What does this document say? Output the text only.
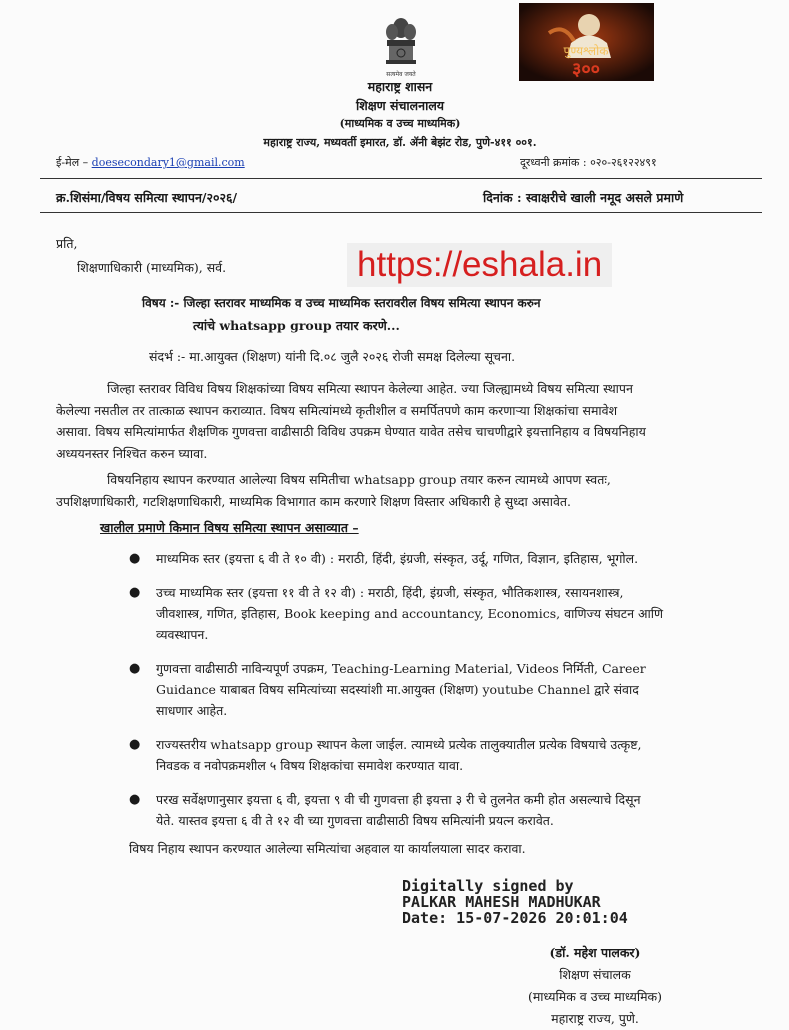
सत्यमेव जयते
पुण्यश्लोक
३००
महाराष्ट्र शासन
शिक्षण संचालनालय
(माध्यमिक व उच्च माध्यमिक)
महाराष्ट्र राज्य, मध्यवर्ती इमारत, डॉ. ॲनी बेझंट रोड, पुणे-४११ ००१.
ई-मेल – doesecondary1@gmail.com	दूरध्वनी क्रमांक : ०२०-२६१२२४९१
क्र.शिसंमा/विषय समित्या स्थापन/२०२६/	दिनांक : स्वाक्षरीचे खाली नमूद असले प्रमाणे
प्रति,
शिक्षणाधिकारी (माध्यमिक), सर्व.	https://eshala.in
विषय :- जिल्हा स्तरावर माध्यमिक व उच्च माध्यमिक स्तरावरील विषय समित्या स्थापन करुन
त्यांचे whatsapp group तयार करणे...
संदर्भ :- मा.आयुक्त (शिक्षण) यांनी दि.०८ जुलै २०२६ रोजी समक्ष दिलेल्या सूचना.
जिल्हा स्तरावर विविध विषय शिक्षकांच्या विषय समित्या स्थापन केलेल्या आहेत. ज्या जिल्ह्यामध्ये विषय समित्या स्थापन
केलेल्या नसतील तर तात्काळ स्थापन कराव्यात. विषय समित्यांमध्ये कृतीशील व समर्पितपणे काम करणाऱ्या शिक्षकांचा समावेश
असावा. विषय समित्यांमार्फत शैक्षणिक गुणवत्ता वाढीसाठी विविध उपक्रम घेण्यात यावेत तसेच चाचणीद्वारे इयत्तानिहाय व विषयनिहाय
अध्ययनस्तर निश्चित करुन घ्यावा.
विषयनिहाय स्थापन करण्यात आलेल्या विषय समितीचा whatsapp group तयार करुन त्यामध्ये आपण स्वतः,
उपशिक्षणाधिकारी, गटशिक्षणाधिकारी, माध्यमिक विभागात काम करणारे शिक्षण विस्तार अधिकारी हे सुध्दा असावेत.
खालील प्रमाणे किमान विषय समित्या स्थापन असाव्यात –
● माध्यमिक स्तर (इयत्ता ६ वी ते १० वी) : मराठी, हिंदी, इंग्रजी, संस्कृत, उर्दू, गणित, विज्ञान, इतिहास, भूगोल.
● उच्च माध्यमिक स्तर (इयत्ता ११ वी ते १२ वी) : मराठी, हिंदी, इंग्रजी, संस्कृत, भौतिकशास्त्र, रसायनशास्त्र,
जीवशास्त्र, गणित, इतिहास, Book keeping and accountancy, Economics, वाणिज्य संघटन आणि
व्यवस्थापन.
● गुणवत्ता वाढीसाठी नाविन्यपूर्ण उपक्रम, Teaching-Learning Material, Videos निर्मिती, Career
Guidance याबाबत विषय समित्यांच्या सदस्यांशी मा.आयुक्त (शिक्षण) youtube Channel द्वारे संवाद
साधणार आहेत.
● राज्यस्तरीय whatsapp group स्थापन केला जाईल. त्यामध्ये प्रत्येक तालुक्यातील प्रत्येक विषयाचे उत्कृष्ट,
निवडक व नवोपक्रमशील ५ विषय शिक्षकांचा समावेश करण्यात यावा.
● परख सर्वेक्षणानुसार इयत्ता ६ वी, इयत्ता ९ वी ची गुणवत्ता ही इयत्ता ३ री चे तुलनेत कमी होत असल्याचे दिसून
येते. यास्तव इयत्ता ६ वी ते १२ वी च्या गुणवत्ता वाढीसाठी विषय समित्यांनी प्रयत्न करावेत.
विषय निहाय स्थापन करण्यात आलेल्या समित्यांचा अहवाल या कार्यालयाला सादर करावा.
Digitally signed by
PALKAR MAHESH MADHUKAR
Date: 15-07-2026 20:01:04
(डॉ. महेश पालकर)
शिक्षण संचालक
(माध्यमिक व उच्च माध्यमिक)
महाराष्ट्र राज्य, पुणे.
